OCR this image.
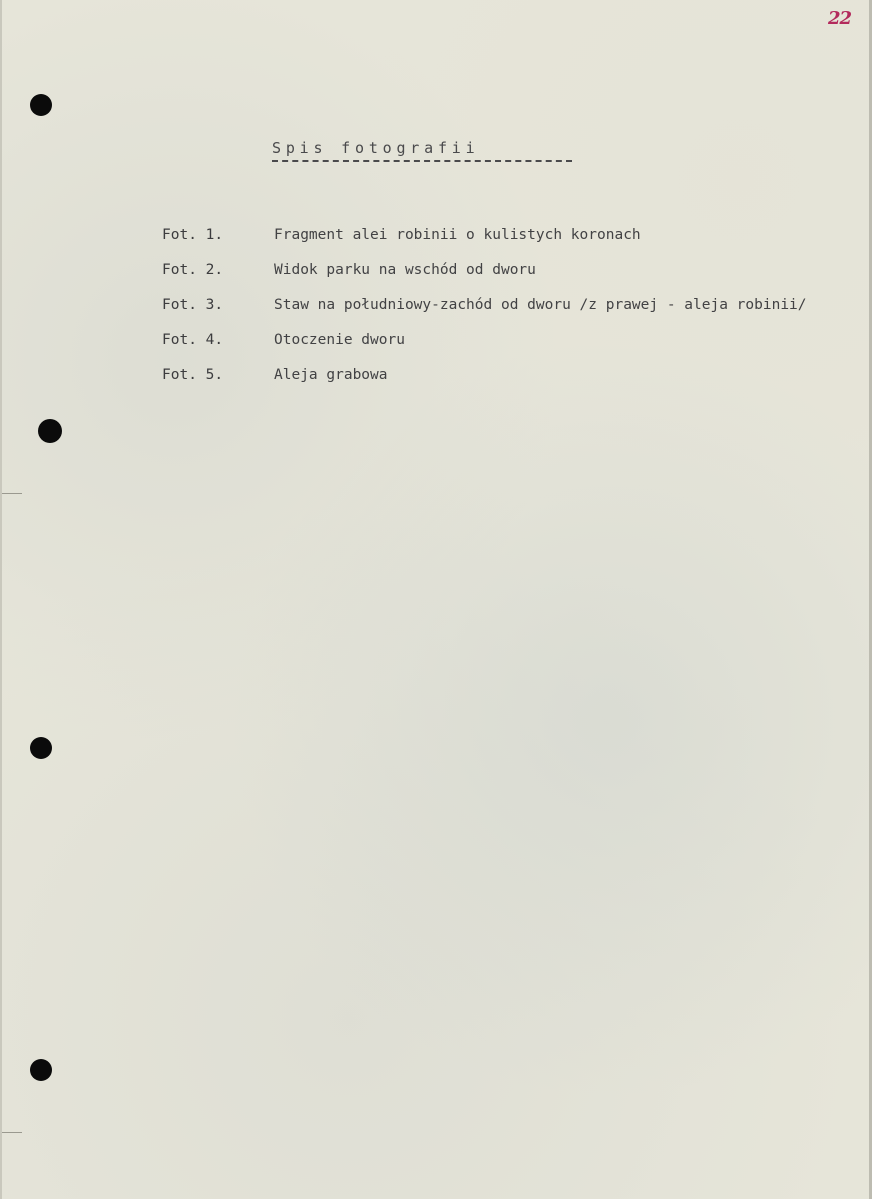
22
Spis fotografii
Fot. 1.	Fragment alei robinii o kulistych koronach
Fot. 2.	Widok parku na wschód od dworu
Fot. 3.	Staw na południowy-zachód od dworu /z prawej - aleja robinii/
Fot. 4.	Otoczenie dworu
Fot. 5.	Aleja grabowa
